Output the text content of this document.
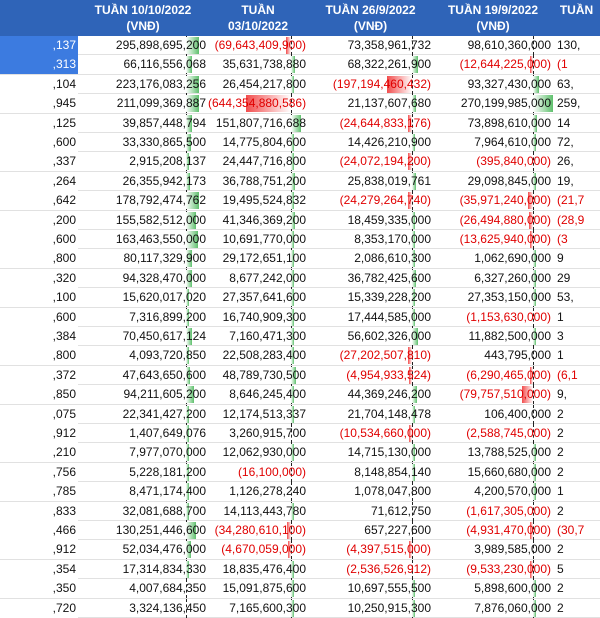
TUẦN 10/10/2022
(VNĐ)
TUẦN
03/10/2022
TUẦN 26/9/2022
(VNĐ)
TUẦN 19/9/2022
(VNĐ)
TUẦN
,137	295,898,695,200 (69,643,409,900)	73,358,961,732	98,610,360,000 130,
,313	66,116,556,068	35,631,738,880	68,322,261,900	(12,644,225,000) (1
,104	223,176,083,256	26,454,217,800	(197,194,460,432)	93,327,430,000 63,
,945	211,099,369,887 (644,354,880,586)	21,137,607,680	270,199,985,000 259,
,125	39,857,448,794 151,807,716,688	(24,644,833,176)	73,898,610,000 14
,600	33,330,865,500	14,775,804,600	14,426,210,900	7,964,610,000 72,
,337	2,915,208,137	24,447,716,800	(24,072,194,200)	(395,840,000) 26,
,264	26,355,942,173	36,788,751,200	25,838,019,761	29,098,845,000 19,
,642	178,792,474,762	19,495,524,832	(24,279,264,740)	(35,971,240,000) (21,7
,200	155,582,512,000	41,346,369,200	18,459,335,000	(26,494,880,000) (28,9
,600	163,463,550,000	10,691,770,000	8,353,170,000	(13,625,940,000) (3
,800	80,117,329,900	29,172,651,100	2,086,610,300	1,062,690,000 9
,320	94,328,470,000	8,677,242,000	36,782,425,600	6,327,260,000 29
,100	15,620,017,020	27,357,641,600	15,339,228,200	27,353,150,000 53,
,600	7,316,899,200	16,740,909,300	17,444,585,000	(1,153,630,000) 1
,384	70,450,617,124	7,160,471,300	56,602,326,000	11,882,500,000 3
,800	4,093,720,850	22,508,283,400	(27,202,507,810)	443,795,000 1
,372	47,643,650,600	48,789,730,500	(4,954,933,524)	(6,290,465,000) (6,1
,850	94,211,605,200	8,646,245,400	44,369,246,200	(79,757,510,000) 9,
,075	22,341,427,200	12,174,513,337	21,704,148,478	106,400,000 2
,912	1,407,649,076	3,260,915,700	(10,534,660,000)	(2,588,745,000) 2
,210	7,977,070,000	12,062,930,000	14,715,130,000	13,788,525,000 2
,756	5,228,181,200	(16,100,000)	8,148,854,140	15,660,680,000 2
,785	8,471,174,400	1,126,278,240	1,078,047,800	4,200,570,000 1
,833	32,081,688,700	14,113,443,780	71,612,750	(1,617,305,000) 2
,466	130,251,446,600 (34,280,610,100)	657,227,600	(4,931,470,000) (30,7
,912	52,034,476,000	(4,670,059,000)	(4,397,515,000)	3,989,585,000 2
,354	17,314,834,330	18,835,476,400	(2,536,526,912)	(9,533,230,000) 5
,350	4,007,684,350	15,091,875,600	10,697,555,500	5,898,600,000 2
,720	3,324,136,450	7,165,600,300	10,250,915,300	7,876,060,000 2
